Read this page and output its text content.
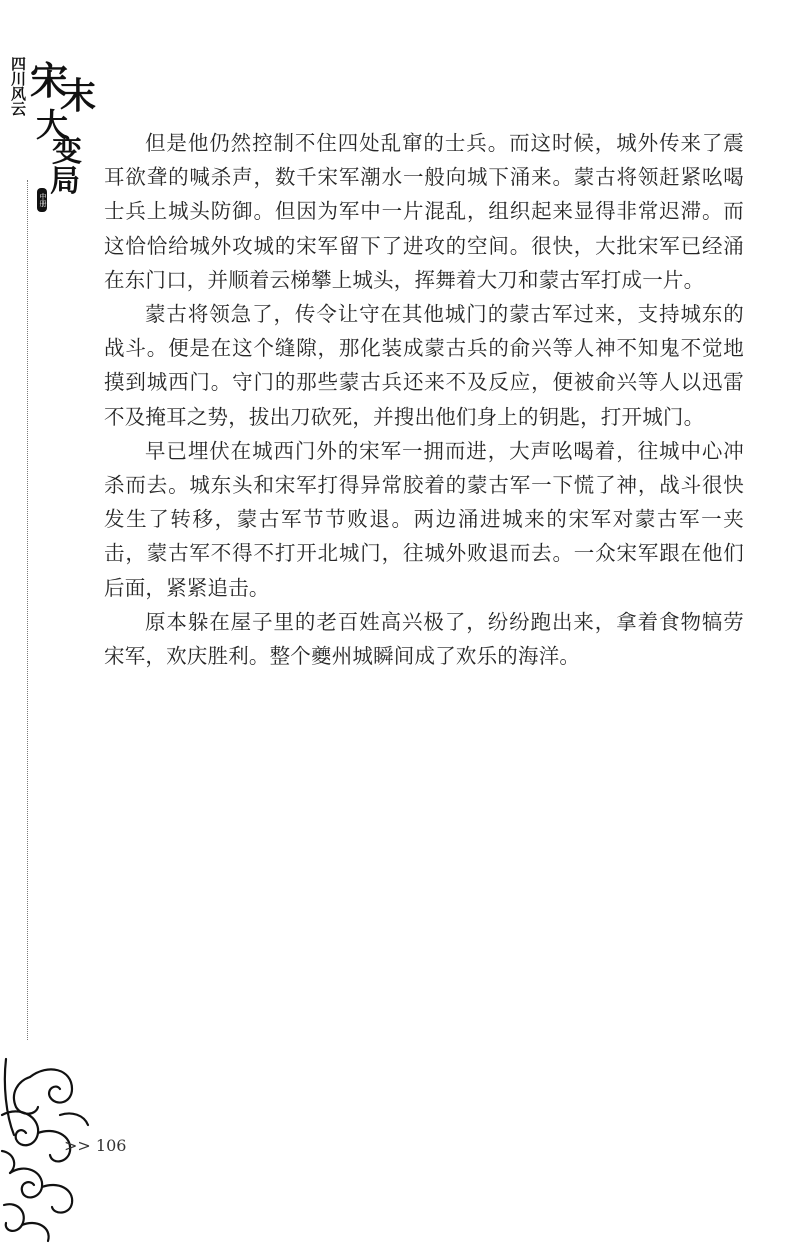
四川风云 宋
末
大
变
局
中册

但是他仍然控制不住四处乱窜的士兵。而这时候，城外传来了震耳欲聋的喊杀声，数千宋军潮水一般向城下涌来。蒙古将领赶紧吆喝士兵上城头防御。但因为军中一片混乱，组织起来显得非常迟滞。而这恰恰给城外攻城的宋军留下了进攻的空间。很快，大批宋军已经涌在东门口，并顺着云梯攀上城头，挥舞着大刀和蒙古军打成一片。

蒙古将领急了，传令让守在其他城门的蒙古军过来，支持城东的战斗。便是在这个缝隙，那化装成蒙古兵的俞兴等人神不知鬼不觉地摸到城西门。守门的那些蒙古兵还来不及反应，便被俞兴等人以迅雷不及掩耳之势，拔出刀砍死，并搜出他们身上的钥匙，打开城门。

早已埋伏在城西门外的宋军一拥而进，大声吆喝着，往城中心冲杀而去。城东头和宋军打得异常胶着的蒙古军一下慌了神，战斗很快发生了转移，蒙古军节节败退。两边涌进城来的宋军对蒙古军一夹击，蒙古军不得不打开北城门，往城外败退而去。一众宋军跟在他们后面，紧紧追击。

原本躲在屋子里的老百姓高兴极了，纷纷跑出来，拿着食物犒劳宋军，欢庆胜利。整个夔州城瞬间成了欢乐的海洋。

>> 106
